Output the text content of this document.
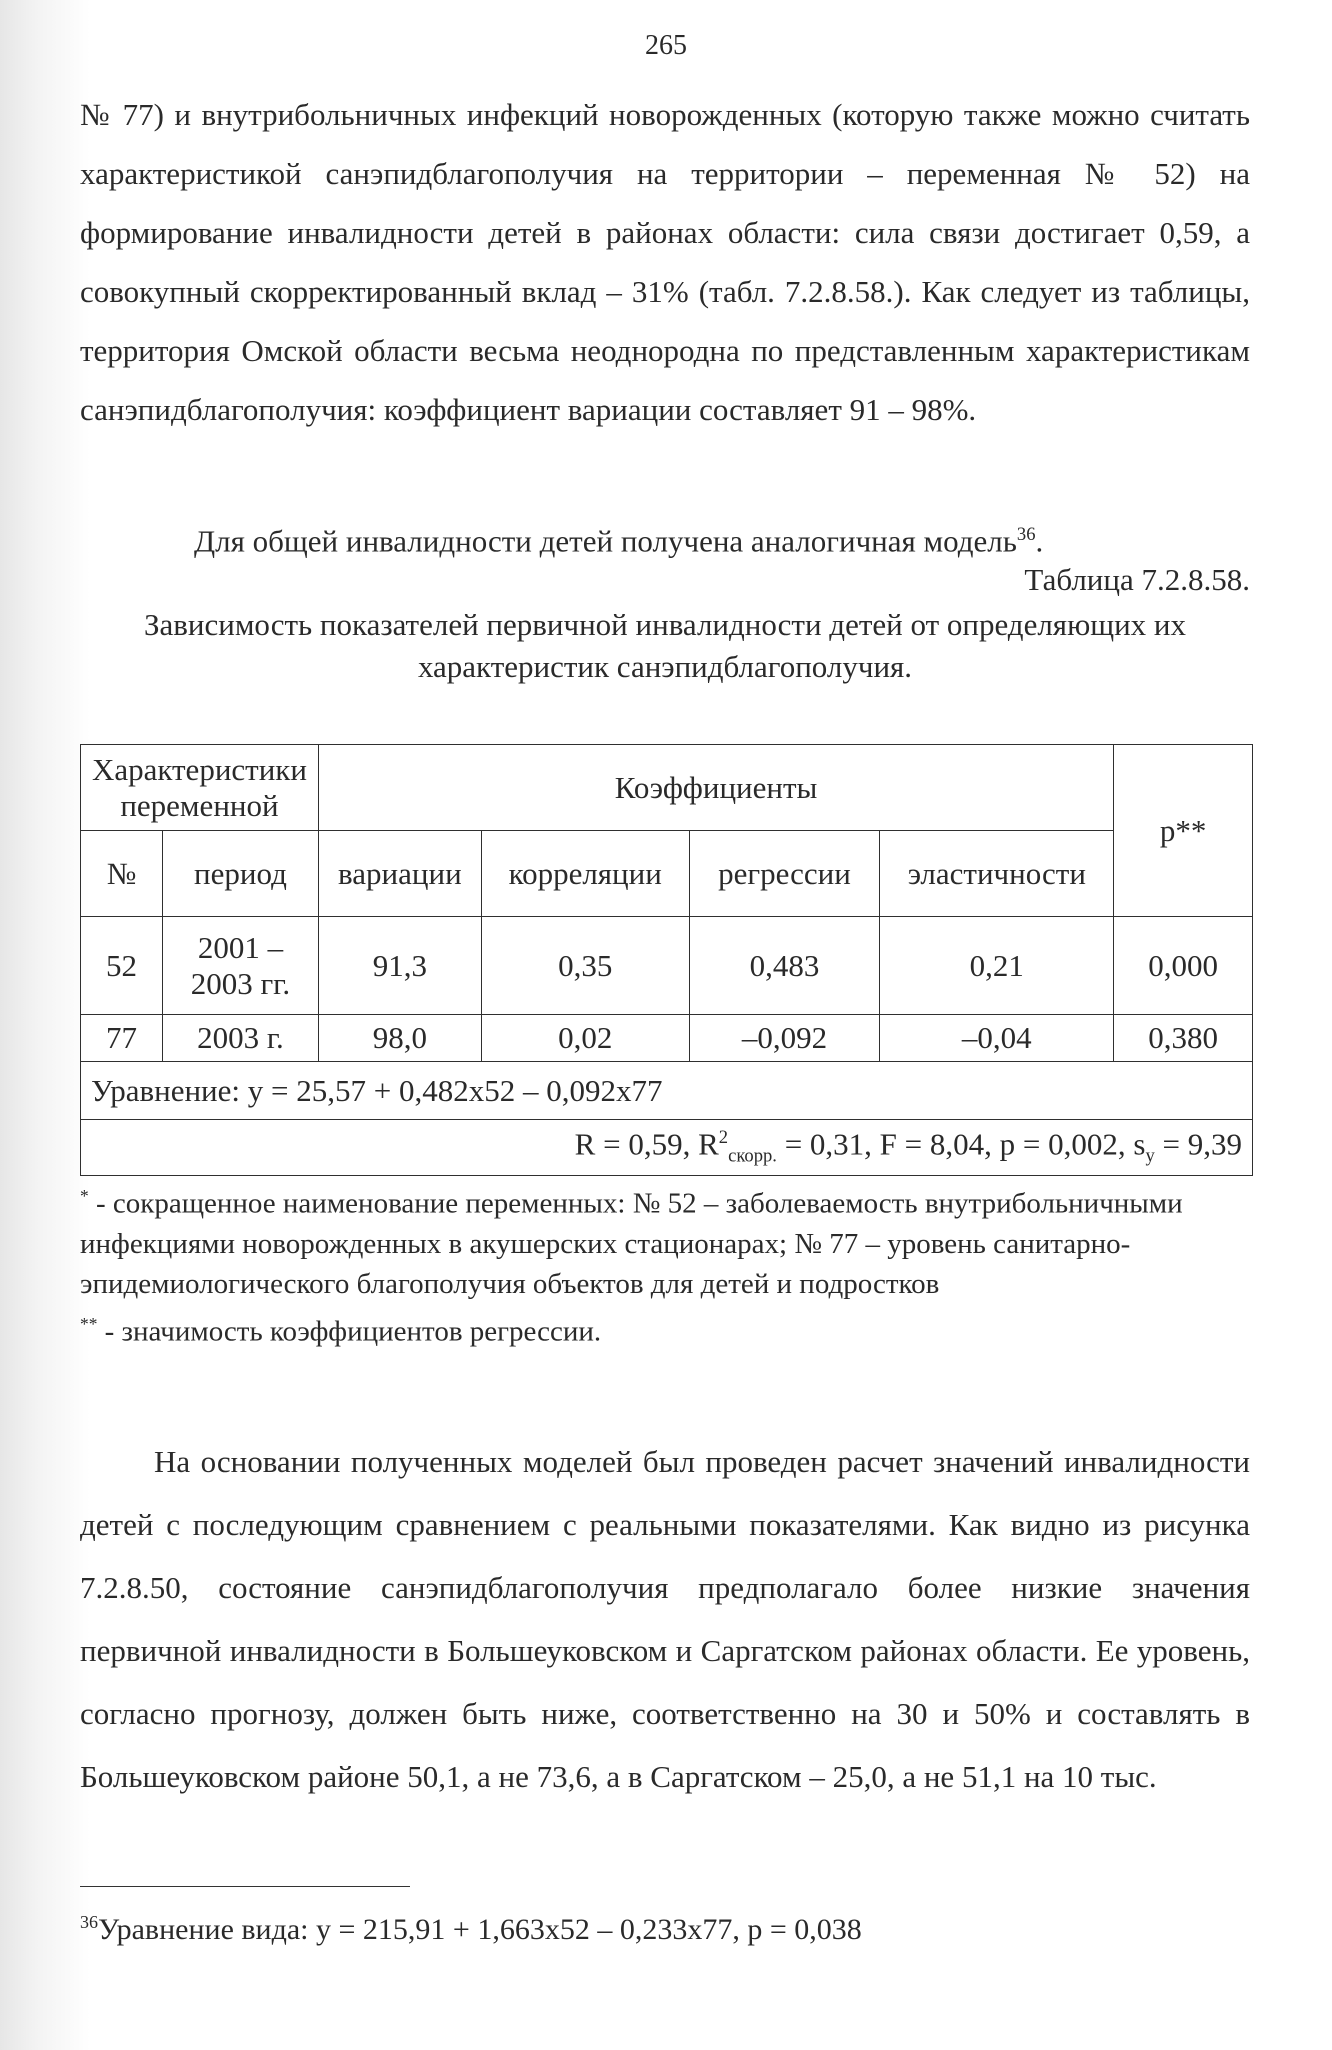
265

№ 77) и внутрибольничных инфекций новорожденных (которую также можно считать характеристикой санэпидблагополучия на территории – переменная № 52) на формирование инвалидности детей в районах области: сила связи достигает 0,59, а совокупный скорректированный вклад – 31% (табл. 7.2.8.58.). Как следует из таблицы, территория Омской области весьма неоднородна по представленным характеристикам санэпидблагополучия: коэффициент вариации составляет 91 – 98%.

Для общей инвалидности детей получена аналогичная модель$^{36}$.

Таблица 7.2.8.58.

Зависимость показателей первичной инвалидности детей от определяющих их характеристик санэпидблагополучия.

Характеристики переменной		Коэффициенты				p**
№	период	вариации	корреляции	регрессии	эластичности	
52	2001 – 2003 гг.	91,3	0,35	0,483	0,21	0,000
77	2003 г.	98,0	0,02	–0,092	–0,04	0,380
Уравнение: y = 25,57 + 0,482x52 – 0,092x77						
R = 0,59, $R^2_{скорр.} = 0,31$, F = 8,04, p = 0,002, $s_y = 9,39$						

* - сокращенное наименование переменных: № 52 – заболеваемость внутрибольничными инфекциями новорожденных в акушерских стационарах; № 77 – уровень санитарно-эпидемиологического благополучия объектов для детей и подростков

** - значимость коэффициентов регрессии.

На основании полученных моделей был проведен расчет значений инвалидности детей с последующим сравнением с реальными показателями. Как видно из рисунка 7.2.8.50, состояние санэпидблагополучия предполагало более низкие значения первичной инвалидности в Большеуковском и Саргатском районах области. Ее уровень, согласно прогнозу, должен быть ниже, соответственно на 30 и 50% и составлять в Большеуковском районе 50,1, а не 73,6, а в Саргатском – 25,0, а не 51,1 на 10 тыс.

$^{36}$Уравнение вида: y = 215,91 + 1,663x52 – 0,233x77, p = 0,038
